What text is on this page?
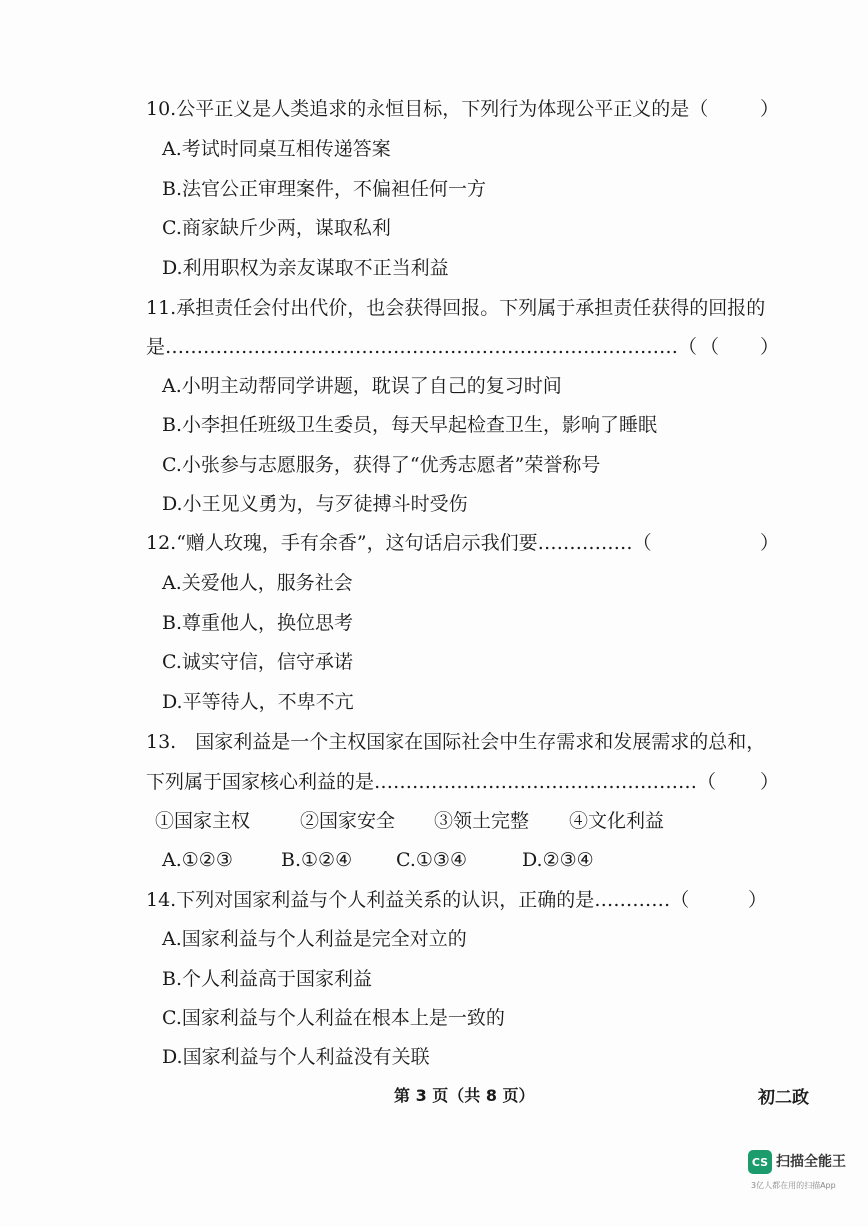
10.公平正义是人类追求的永恒目标，下列行为体现公平正义的是（	）
A.考试时同桌互相传递答案
B.法官公正审理案件，不偏袒任何一方
C.商家缺斤少两，谋取私利
D.利用职权为亲友谋取不正当利益
11.承担责任会付出代价，也会获得回报。下列属于承担责任获得的回报的
是………………………………………………………………………（ （ ）
A.小明主动帮同学讲题，耽误了自己的复习时间
B.小李担任班级卫生委员，每天早起检查卫生，影响了睡眠
C.小张参与志愿服务，获得了“优秀志愿者”荣誉称号
D.小王见义勇为，与歹徒搏斗时受伤
12.“赠人玫瑰，手有余香”，这句话启示我们要……………（	）
A.关爱他人，服务社会
B.尊重他人，换位思考
C.诚实守信，信守承诺
D.平等待人，不卑不亢
13.　国家利益是一个主权国家在国际社会中生存需求和发展需求的总和，
下列属于国家核心利益的是……………………………………………（ ）
①国家主权	②国家安全 ③领土完整 ④文化利益
A.①②③	B.①②④ C.①③④	D.②③④
14.下列对国家利益与个人利益关系的认识，正确的是…………（	）
A.国家利益与个人利益是完全对立的
B.个人利益高于国家利益
C.国家利益与个人利益在根本上是一致的
D.国家利益与个人利益没有关联
第 3 页（共 8 页）	初二政
CS 扫描全能王
3亿人都在用的扫描App
